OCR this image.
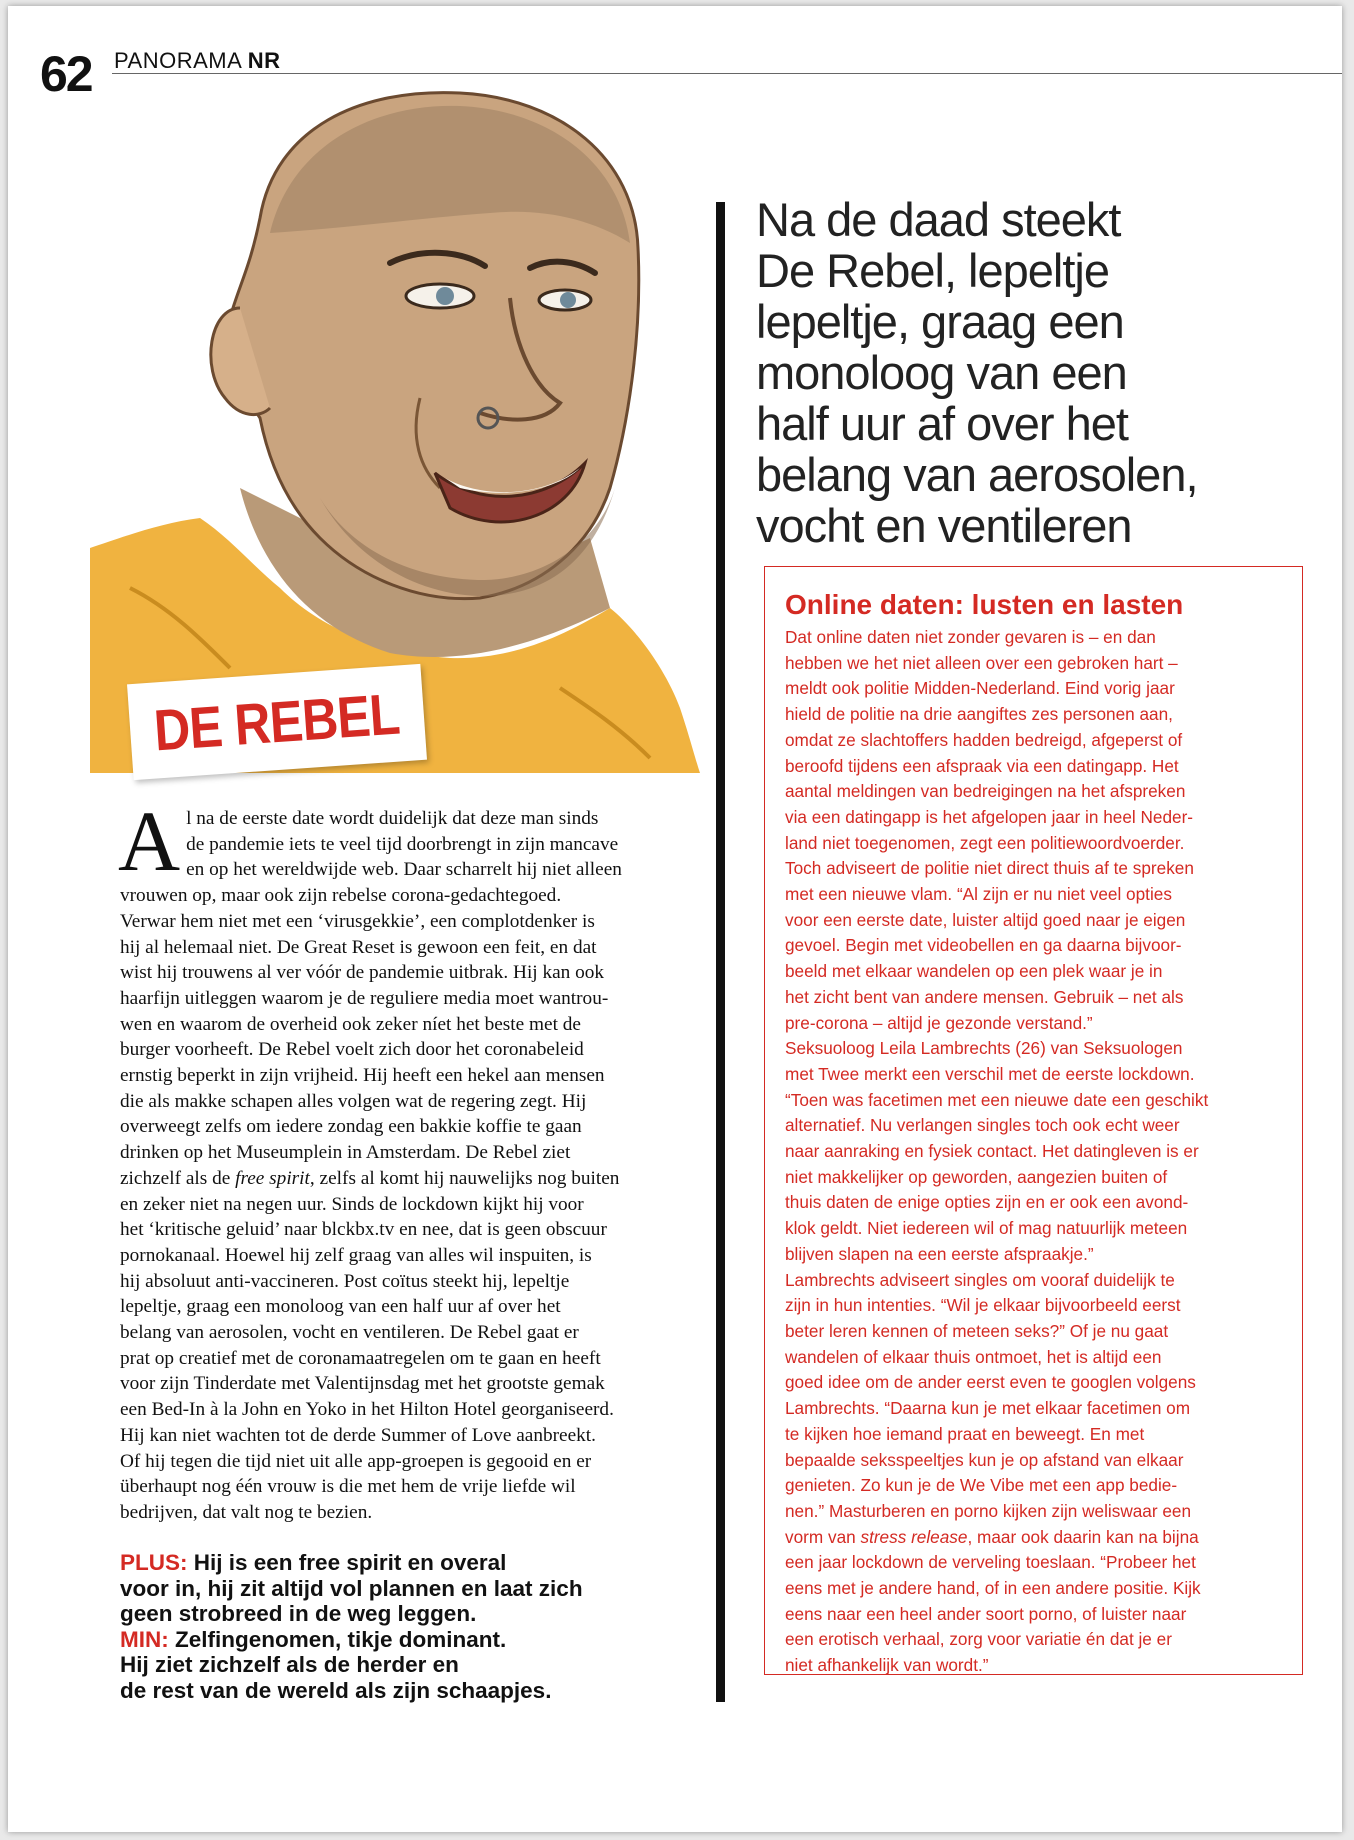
62 PANORAMA NR
DE REBEL
Al na de eerste date wordt duidelijk dat deze man sinds
de pandemie iets te veel tijd doorbrengt in zijn mancave
en op het wereldwijde web. Daar scharrelt hij niet alleen
vrouwen op, maar ook zijn rebelse corona-gedachtegoed.
Verwar hem niet met een ‘virusgekkie’, een complotdenker is
hij al helemaal niet. De Great Reset is gewoon een feit, en dat
wist hij trouwens al ver vóór de pandemie uitbrak. Hij kan ook
haarfijn uitleggen waarom je de reguliere media moet wantrou-
wen en waarom de overheid ook zeker níet het beste met de
burger voorheeft. De Rebel voelt zich door het coronabeleid
ernstig beperkt in zijn vrijheid. Hij heeft een hekel aan mensen
die als makke schapen alles volgen wat de regering zegt. Hij
overweegt zelfs om iedere zondag een bakkie koffie te gaan
drinken op het Museumplein in Amsterdam. De Rebel ziet
zichzelf als de free spirit, zelfs al komt hij nauwelijks nog buiten
en zeker niet na negen uur. Sinds de lockdown kijkt hij voor
het ‘kritische geluid’ naar blckbx.tv en nee, dat is geen obscuur
pornokanaal. Hoewel hij zelf graag van alles wil inspuiten, is
hij absoluut anti-vaccineren. Post coïtus steekt hij, lepeltje
lepeltje, graag een monoloog van een half uur af over het
belang van aerosolen, vocht en ventileren. De Rebel gaat er
prat op creatief met de coronamaatregelen om te gaan en heeft
voor zijn Tinderdate met Valentijnsdag met het grootste gemak
een Bed-In à la John en Yoko in het Hilton Hotel georganiseerd.
Hij kan niet wachten tot de derde Summer of Love aanbreekt.
Of hij tegen die tijd niet uit alle app-groepen is gegooid en er
überhaupt nog één vrouw is die met hem de vrije liefde wil
bedrijven, dat valt nog te bezien.
PLUS: Hij is een free spirit en overal
voor in, hij zit altijd vol plannen en laat zich
geen strobreed in de weg leggen.
MIN: Zelfingenomen, tikje dominant.
Hij ziet zichzelf als de herder en
de rest van de wereld als zijn schaapjes.
Na de daad steekt
De Rebel, lepeltje
lepeltje, graag een
monoloog van een
half uur af over het
belang van aerosolen,
vocht en ventileren
Online daten: lusten en lasten
Dat online daten niet zonder gevaren is – en dan
hebben we het niet alleen over een gebroken hart –
meldt ook politie Midden-Nederland. Eind vorig jaar
hield de politie na drie aangiftes zes personen aan,
omdat ze slachtoffers hadden bedreigd, afgeperst of
beroofd tijdens een afspraak via een datingapp. Het
aantal meldingen van bedreigingen na het afspreken
via een datingapp is het afgelopen jaar in heel Neder-
land niet toegenomen, zegt een politiewoordvoerder.
Toch adviseert de politie niet direct thuis af te spreken
met een nieuwe vlam. “Al zijn er nu niet veel opties
voor een eerste date, luister altijd goed naar je eigen
gevoel. Begin met videobellen en ga daarna bijvoor-
beeld met elkaar wandelen op een plek waar je in
het zicht bent van andere mensen. Gebruik – net als
pre-corona – altijd je gezonde verstand.”
Seksuoloog Leila Lambrechts (26) van Seksuologen
met Twee merkt een verschil met de eerste lockdown.
“Toen was facetimen met een nieuwe date een geschikt
alternatief. Nu verlangen singles toch ook echt weer
naar aanraking en fysiek contact. Het datingleven is er
niet makkelijker op geworden, aangezien buiten of
thuis daten de enige opties zijn en er ook een avond-
klok geldt. Niet iedereen wil of mag natuurlijk meteen
blijven slapen na een eerste afspraakje.”
Lambrechts adviseert singles om vooraf duidelijk te
zijn in hun intenties. “Wil je elkaar bijvoorbeeld eerst
beter leren kennen of meteen seks?” Of je nu gaat
wandelen of elkaar thuis ontmoet, het is altijd een
goed idee om de ander eerst even te googlen volgens
Lambrechts. “Daarna kun je met elkaar facetimen om
te kijken hoe iemand praat en beweegt. En met
bepaalde seksspeeltjes kun je op afstand van elkaar
genieten. Zo kun je de We Vibe met een app bedie-
nen.” Masturberen en porno kijken zijn weliswaar een
vorm van stress release, maar ook daarin kan na bijna
een jaar lockdown de verveling toeslaan. “Probeer het
eens met je andere hand, of in een andere positie. Kijk
eens naar een heel ander soort porno, of luister naar
een erotisch verhaal, zorg voor variatie én dat je er
niet afhankelijk van wordt.”
